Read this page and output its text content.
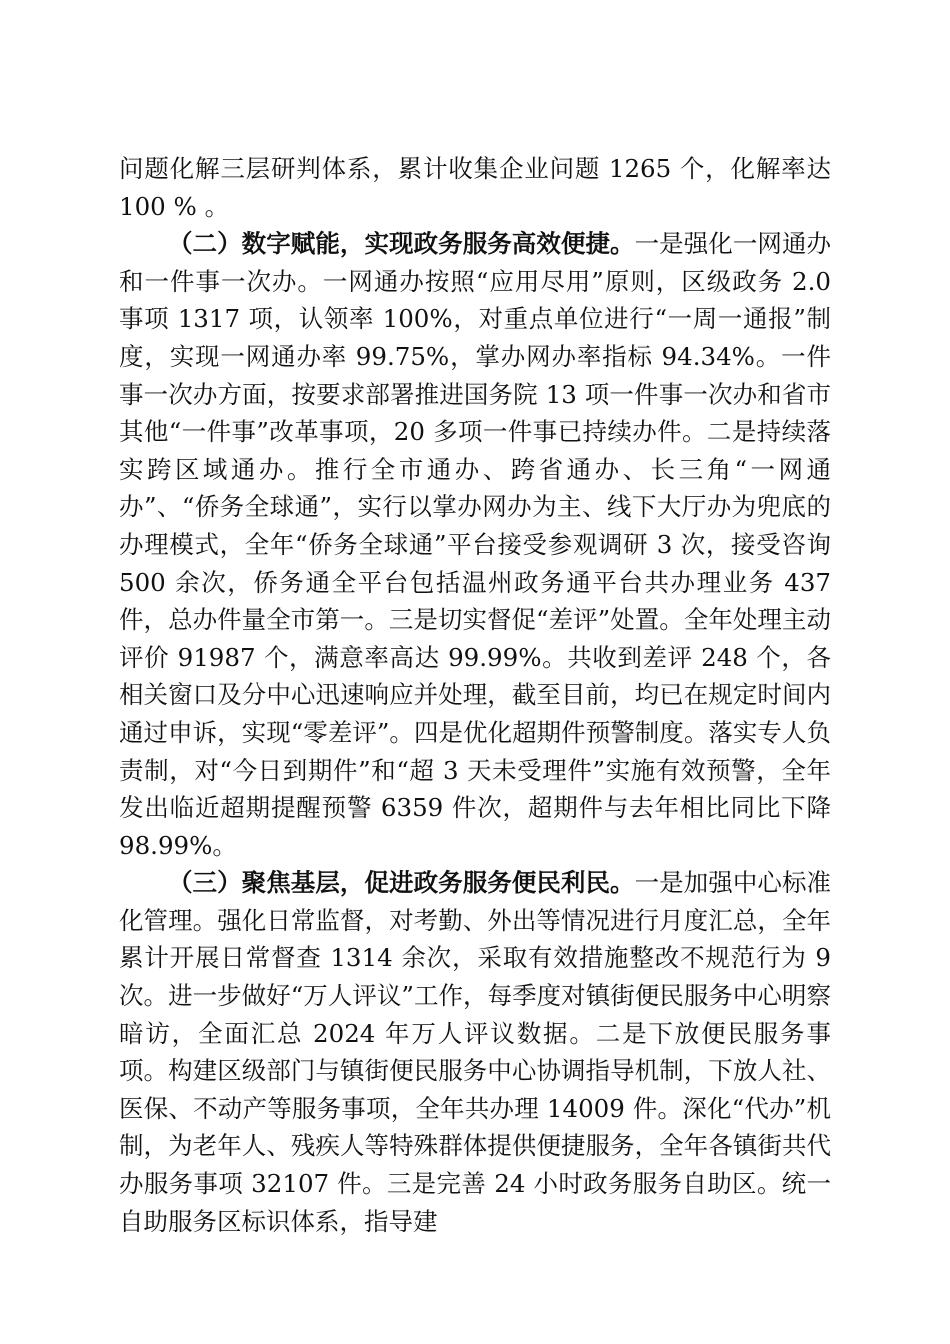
问题化解三层研判体系，累计收集企业问题 1265 个，化解率达 100 % 。

（二）数字赋能，实现政务服务高效便捷。一是强化一网通办和一件事一次办。一网通办按照“应用尽用”原则，区级政务 2.0 事项 1317 项，认领率 100%，对重点单位进行“一周一通报”制度，实现一网通办率 99.75%，掌办网办率指标 94.34%。一件事一次办方面，按要求部署推进国务院 13 项一件事一次办和省市其他“一件事”改革事项，20 多项一件事已持续办件。二是持续落实跨区域通办。推行全市通办、跨省通办、长三角“一网通办”、“侨务全球通”，实行以掌办网办为主、线下大厅办为兜底的办理模式，全年“侨务全球通”平台接受参观调研 3 次，接受咨询 500 余次，侨务通全平台包括温州政务通平台共办理业务 437 件，总办件量全市第一。三是切实督促“差评”处置。全年处理主动评价 91987 个，满意率高达 99.99%。共收到差评 248 个，各相关窗口及分中心迅速响应并处理，截至目前，均已在规定时间内通过申诉，实现“零差评”。四是优化超期件预警制度。落实专人负责制，对“今日到期件”和“超 3 天未受理件”实施有效预警，全年发出临近超期提醒预警 6359 件次，超期件与去年相比同比下降 98.99%。

（三）聚焦基层，促进政务服务便民利民。一是加强中心标准化管理。强化日常监督，对考勤、外出等情况进行月度汇总，全年累计开展日常督查 1314 余次，采取有效措施整改不规范行为 9 次。进一步做好“万人评议”工作，每季度对镇街便民服务中心明察暗访，全面汇总 2024 年万人评议数据。二是下放便民服务事项。构建区级部门与镇街便民服务中心协调指导机制，下放人社、医保、不动产等服务事项，全年共办理 14009 件。深化“代办”机制，为老年人、残疾人等特殊群体提供便捷服务，全年各镇街共代办服务事项 32107 件。三是完善 24 小时政务服务自助区。统一自助服务区标识体系，指导建
